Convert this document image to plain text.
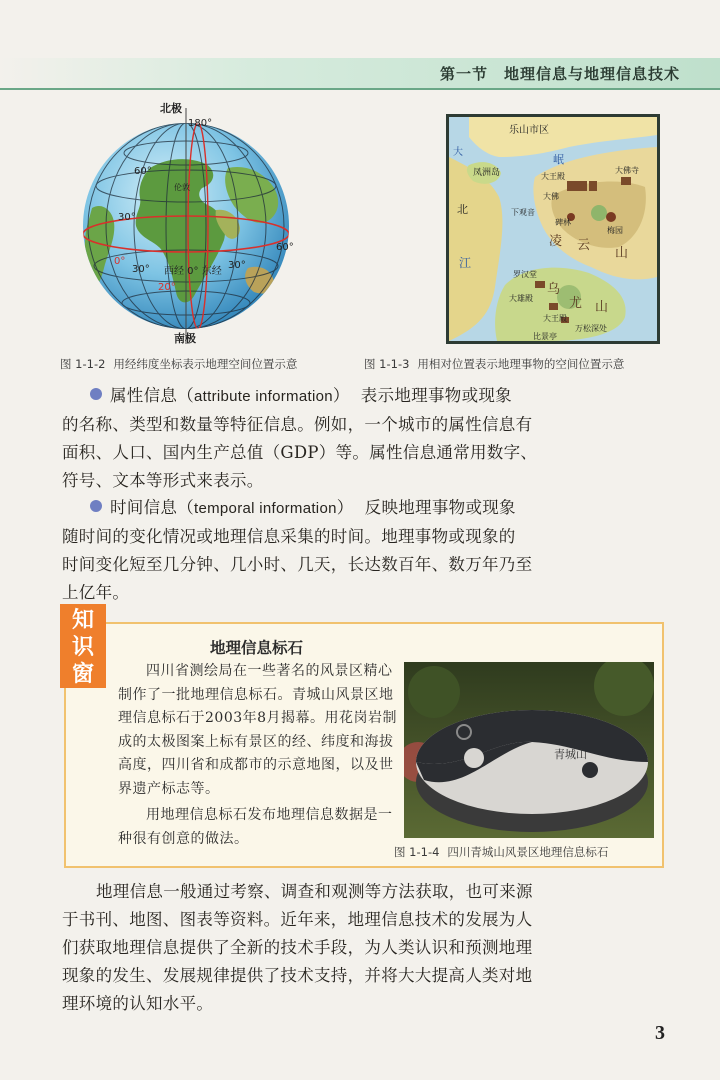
第一节　地理信息与地理信息技术
北极
180°
60°
伦敦
30°
0°
30° 西经 0° 东经
30°
60°
20°
南极
乐山市区
凤洲岛
大
岷
北
江
大王殿
大佛
大佛寺
下观音
碑林
梅园
凌 云
山
罗汉堂
大雄殿
乌
尤 山
大王殿
万松深处
比景亭
图 1-1-2 用经纬度坐标表示地理空间位置示意	图 1-1-3 用相对位置表示地理事物的空间位置示意
属性信息（attribute information） 表示地理事物或现象
的名称、类型和数量等特征信息。例如，一个城市的属性信息有
面积、人口、国内生产总值（GDP）等。属性信息通常用数字、
符号、文本等形式来表示。
时间信息（temporal information） 反映地理事物或现象
随时间的变化情况或地理信息采集的时间。地理事物或现象的
时间变化短至几分钟、几小时、几天，长达数百年、数万年乃至
上亿年。
知
识
窗
地理信息标石
四川省测绘局在一些著名的风景区精心
制作了一批地理信息标石。青城山风景区地
理信息标石于2003年8月揭幕。用花岗岩制
成的太极图案上标有景区的经、纬度和海拔
高度，四川省和成都市的示意地图，以及世
界遗产标志等。
用地理信息标石发布地理信息数据是一
种很有创意的做法。
青城山
图 1-1-4 四川青城山风景区地理信息标石
地理信息一般通过考察、调查和观测等方法获取，也可来源
于书刊、地图、图表等资料。近年来，地理信息技术的发展为人
们获取地理信息提供了全新的技术手段，为人类认识和预测地理
现象的发生、发展规律提供了技术支持，并将大大提高人类对地
理环境的认知水平。
3
